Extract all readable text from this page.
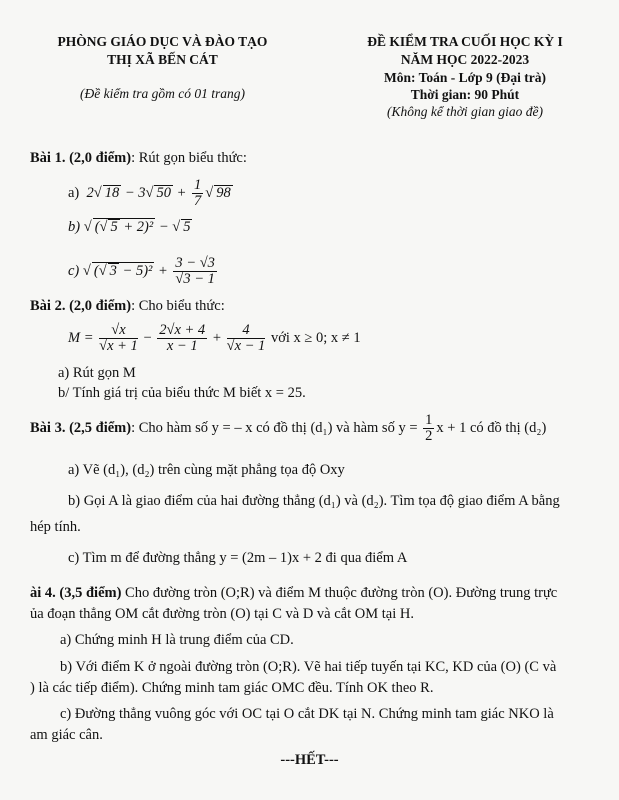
PHÒNG GIÁO DỤC VÀ ĐÀO TẠO
THỊ XÃ BẾN CÁT
(Đề kiểm tra gồm có 01 trang)
ĐỀ KIỂM TRA CUỐI HỌC KỲ I
NĂM HỌC 2022-2023
Môn: Toán - Lớp 9 (Đại trà)
Thời gian: 90 Phút
(Không kể thời gian giao đề)
Bài 1. (2,0 điểm): Rút gọn biểu thức:
a)  2√ 18 − 3√ $50 + \frac{1}{7}$ √ 98
b) √ (√ 5 + 2)² − √ 5
c) √ (√ $3 - 5)^2 + \frac{3 - √3}{√3 - 1}$
Bài 2. (2,0 điểm): Cho biểu thức:
$M = \frac{√x}{√x + 1} - \frac{2√x + 4}{x - 1} + \frac{4}{√x - 1}$ với x ≥ 0; x ≠ 1
a) Rút gọn M
b/ Tính giá trị của biểu thức M biết x = 25.
Bài 3. (2,5 điểm): Cho hàm số y = – x có đồ thị (d₁) và hàm số $y = \frac{1}{2}$ x + 1 có đồ thị (d₂)
a) Vẽ (d₁), (d₂) trên cùng mặt phẳng tọa độ Oxy
b) Gọi A là giao điểm của hai đường thẳng (d₁) và (d₂). Tìm tọa độ giao điểm A bằng
hép tính.
c) Tìm m để đường thẳng y = (2m – 1)x + 2 đi qua điểm A
ài 4. (3,5 điểm) Cho đường tròn (O;R) và điểm M thuộc đường tròn (O). Đường trung trực
ủa đoạn thẳng OM cắt đường tròn (O) tại C và D và cắt OM tại H.
a) Chứng minh H là trung điểm của CD.
b) Với điểm K ở ngoài đường tròn (O;R). Vẽ hai tiếp tuyến tại KC, KD của (O) (C và
) là các tiếp điểm). Chứng minh tam giác OMC đều. Tính OK theo R.
c) Đường thẳng vuông góc với OC tại O cắt DK tại N. Chứng minh tam giác NKO là
am giác cân.
---HẾT---
